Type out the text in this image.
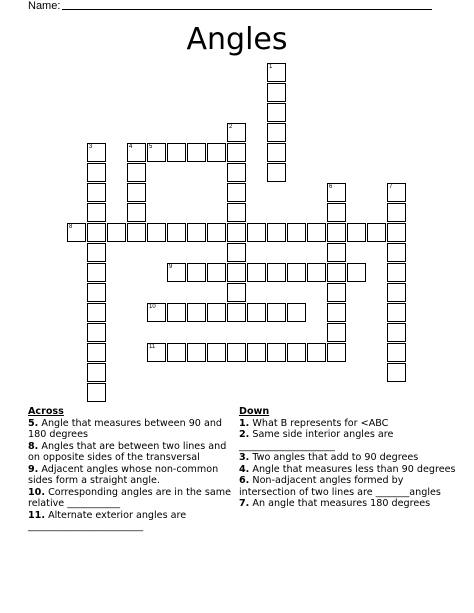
Name:
Angles
5
8
9
10
11
1
2
3	4
6	7
Across

5. Angle that measures between 90 and 180 degrees

8. Angles that are between two lines and on opposite sides of the transversal

9. Adjacent angles whose non-common sides form a straight angle.

10. Corresponding angles are in the same relative ___________

11. Alternate exterior angles are ________________________

Down

1. What B represents for <ABC

2. Same side interior angles are ____________________

3. Two angles that add to 90 degrees

4. Angle that measures less than 90 degrees

6. Non-adjacent angles formed by intersection of two lines are _______angles

7. An angle that measures 180 degrees
